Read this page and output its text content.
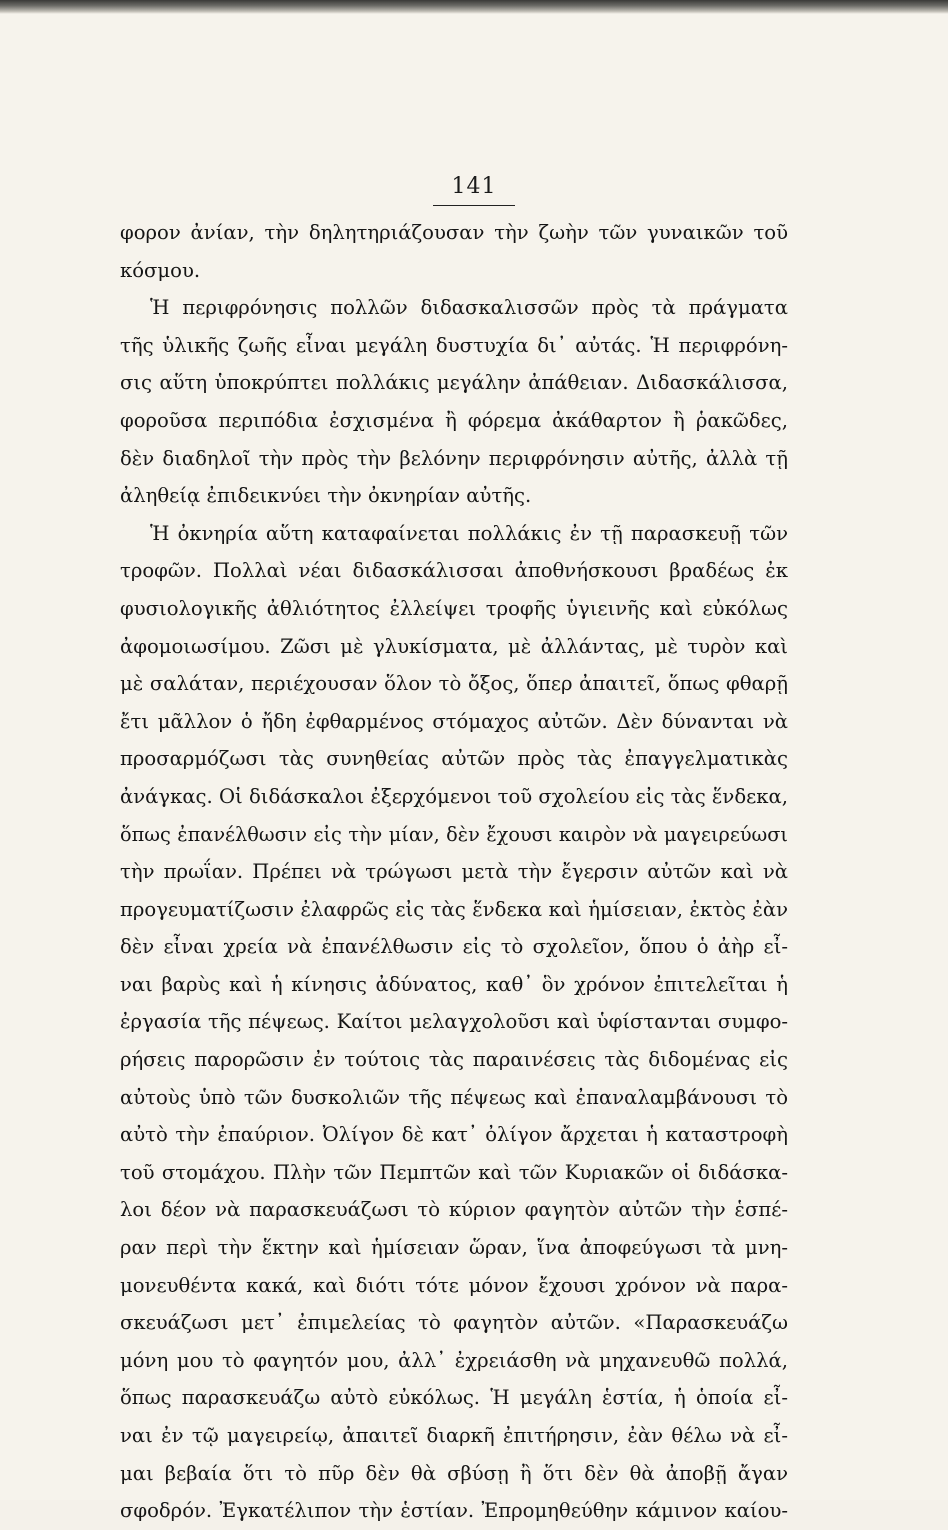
141
φορον ἀνίαν, τὴν δηλητηριάζουσαν τὴν ζωὴν τῶν γυναικῶν τοῦ
κόσμου.
Ἡ περιφρόνησις πολλῶν διδασκαλισσῶν πρὸς τὰ πράγματα
τῆς ὑλικῆς ζωῆς εἶναι μεγάλη δυστυχία δι᾽ αὐτάς. Ἡ περιφρόνη-
σις αὕτη ὑποκρύπτει πολλάκις μεγάλην ἀπάθειαν. Διδασκάλισσα,
φοροῦσα περιπόδια ἐσχισμένα ἢ φόρεμα ἀκάθαρτον ἢ ῥακῶδες,
δὲν διαδηλοῖ τὴν πρὸς τὴν βελόνην περιφρόνησιν αὐτῆς, ἀλλὰ τῇ
ἀληθείᾳ ἐπιδεικνύει τὴν ὀκνηρίαν αὐτῆς.
Ἡ ὀκνηρία αὕτη καταφαίνεται πολλάκις ἐν τῇ παρασκευῇ τῶν
τροφῶν. Πολλαὶ νέαι διδασκάλισσαι ἀποθνήσκουσι βραδέως ἐκ
φυσιολογικῆς ἀθλιότητος ἐλλείψει τροφῆς ὑγιεινῆς καὶ εὐκόλως
ἀφομοιωσίμου. Ζῶσι μὲ γλυκίσματα, μὲ ἀλλάντας, μὲ τυρὸν καὶ
μὲ σαλάταν, περιέχουσαν ὅλον τὸ ὄξος, ὅπερ ἀπαιτεῖ, ὅπως φθαρῇ
ἔτι μᾶλλον ὁ ἤδη ἐφθαρμένος στόμαχος αὐτῶν. Δὲν δύνανται νὰ
προσαρμόζωσι τὰς συνηθείας αὐτῶν πρὸς τὰς ἐπαγγελματικὰς
ἀνάγκας. Οἱ διδάσκαλοι ἐξερχόμενοι τοῦ σχολείου εἰς τὰς ἕνδεκα,
ὅπως ἐπανέλθωσιν εἰς τὴν μίαν, δὲν ἔχουσι καιρὸν νὰ μαγειρεύωσι
τὴν πρωΐαν. Πρέπει νὰ τρώγωσι μετὰ τὴν ἔγερσιν αὐτῶν καὶ νὰ
προγευματίζωσιν ἐλαφρῶς εἰς τὰς ἕνδεκα καὶ ἡμίσειαν, ἐκτὸς ἐὰν
δὲν εἶναι χρεία νὰ ἐπανέλθωσιν εἰς τὸ σχολεῖον, ὅπου ὁ ἀὴρ εἶ-
ναι βαρὺς καὶ ἡ κίνησις ἀδύνατος, καθ᾽ ὃν χρόνον ἐπιτελεῖται ἡ
ἐργασία τῆς πέψεως. Καίτοι μελαγχολοῦσι καὶ ὑφίστανται συμφο-
ρήσεις παρορῶσιν ἐν τούτοις τὰς παραινέσεις τὰς διδομένας εἰς
αὐτοὺς ὑπὸ τῶν δυσκολιῶν τῆς πέψεως καὶ ἐπαναλαμβάνουσι τὸ
αὐτὸ τὴν ἐπαύριον. Ὀλίγον δὲ κατ᾽ ὀλίγον ἄρχεται ἡ καταστροφὴ
τοῦ στομάχου. Πλὴν τῶν Πεμπτῶν καὶ τῶν Κυριακῶν οἱ διδάσκα-
λοι δέον νὰ παρασκευάζωσι τὸ κύριον φαγητὸν αὐτῶν τὴν ἑσπέ-
ραν περὶ τὴν ἕκτην καὶ ἡμίσειαν ὥραν, ἵνα ἀποφεύγωσι τὰ μνη-
μονευθέντα κακά, καὶ διότι τότε μόνον ἔχουσι χρόνον νὰ παρα-
σκευάζωσι μετ᾽ ἐπιμελείας τὸ φαγητὸν αὐτῶν. «Παρασκευάζω
μόνη μου τὸ φαγητόν μου, ἀλλ᾽ ἐχρειάσθη νὰ μηχανευθῶ πολλά,
ὅπως παρασκευάζω αὐτὸ εὐκόλως. Ἡ μεγάλη ἑστία, ἡ ὁποία εἶ-
ναι ἐν τῷ μαγειρείῳ, ἀπαιτεῖ διαρκῆ ἐπιτήρησιν, ἐὰν θέλω νὰ εἶ-
μαι βεβαία ὅτι τὸ πῦρ δὲν θὰ σβύσῃ ἢ ὅτι δὲν θὰ ἀποβῇ ἄγαν
σφοδρόν. Ἐγκατέλιπον τὴν ἑστίαν. Ἐπρομηθεύθην κάμινον καίου-
